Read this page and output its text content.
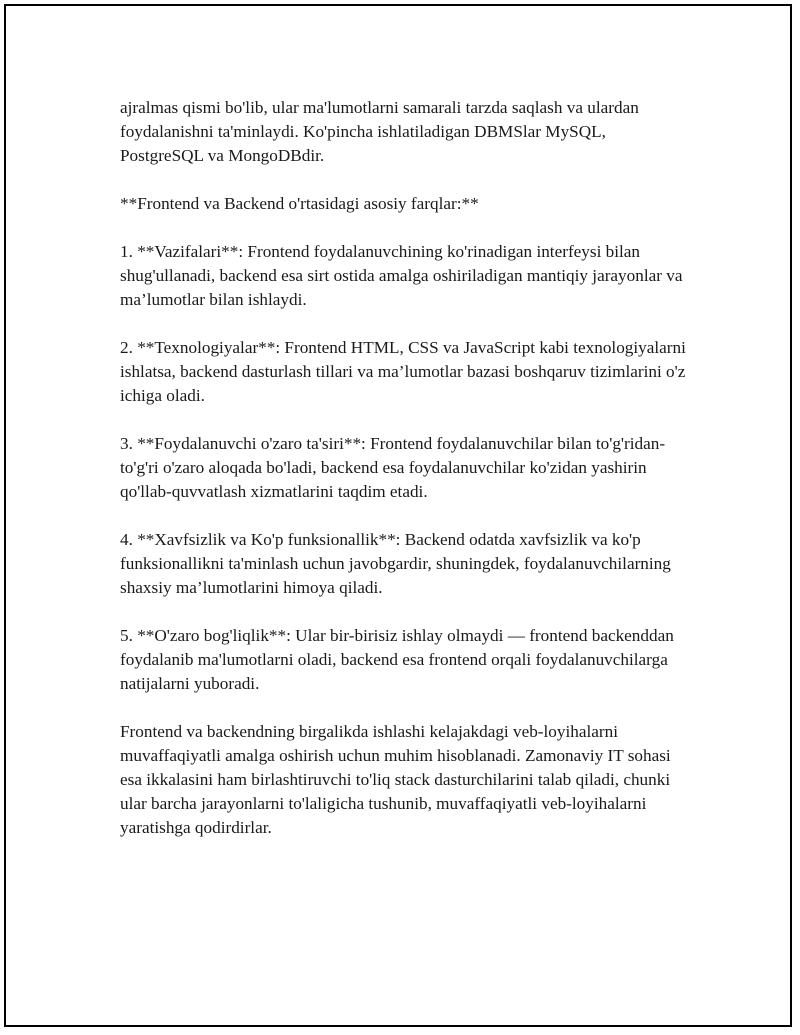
ajralmas qismi bo'lib, ular ma'lumotlarni samarali tarzda saqlash va ulardan foydalanishni ta'minlaydi. Ko'pincha ishlatiladigan DBMSlar MySQL, PostgreSQL va MongoDBdir.

**Frontend va Backend o'rtasidagi asosiy farqlar:**

1. **Vazifalari**: Frontend foydalanuvchining ko'rinadigan interfeysi bilan shug'ullanadi, backend esa sirt ostida amalga oshiriladigan mantiqiy jarayonlar va ma’lumotlar bilan ishlaydi.

2. **Texnologiyalar**: Frontend HTML, CSS va JavaScript kabi texnologiyalarni ishlatsa, backend dasturlash tillari va ma’lumotlar bazasi boshqaruv tizimlarini o'z ichiga oladi.

3. **Foydalanuvchi o'zaro ta'siri**: Frontend foydalanuvchilar bilan to'g'ridan-to'g'ri o'zaro aloqada bo'ladi, backend esa foydalanuvchilar ko'zidan yashirin qo'llab-quvvatlash xizmatlarini taqdim etadi.

4. **Xavfsizlik va Ko'p funksionallik**: Backend odatda xavfsizlik va ko'p funksionallikni ta'minlash uchun javobgardir, shuningdek, foydalanuvchilarning shaxsiy ma’lumotlarini himoya qiladi.

5. **O'zaro bog'liqlik**: Ular bir-birisiz ishlay olmaydi — frontend backenddan foydalanib ma'lumotlarni oladi, backend esa frontend orqali foydalanuvchilarga natijalarni yuboradi.

Frontend va backendning birgalikda ishlashi kelajakdagi veb-loyihalarni muvaffaqiyatli amalga oshirish uchun muhim hisoblanadi. Zamonaviy IT sohasi esa ikkalasini ham birlashtiruvchi to'liq stack dasturchilarini talab qiladi, chunki ular barcha jarayonlarni to'laligicha tushunib, muvaffaqiyatli veb-loyihalarni yaratishga qodirdirlar.
